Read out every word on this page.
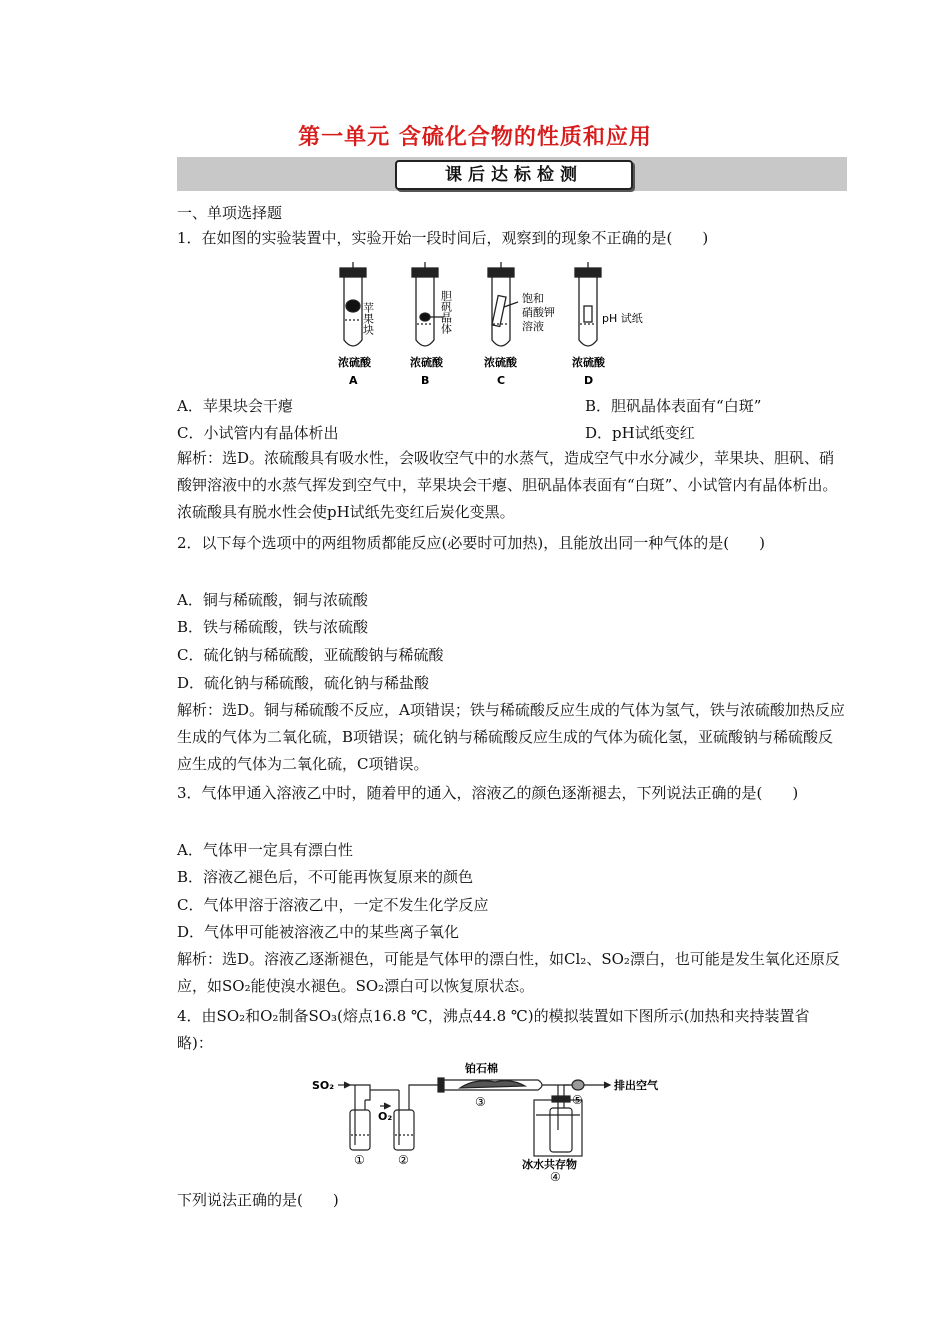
第一单元 含硫化合物的性质和应用
课后达标检测
一、单项选择题
1．在如图的实验装置中，实验开始一段时间后，观察到的现象不正确的是(　　)
苹果块	胆矾晶体	饱和
硝酸钾
溶液
pH 试纸
浓硫酸	浓硫酸	浓硫酸	浓硫酸
A	B	C	D
A．苹果块会干瘪	B．胆矾晶体表面有“白斑”
C．小试管内有晶体析出	D．pH试纸变红
解析：选D。浓硫酸具有吸水性，会吸收空气中的水蒸气，造成空气中水分减少，苹果块、胆矾、硝酸钾溶液中的水蒸气挥发到空气中，苹果块会干瘪、胆矾晶体表面有“白斑”、小试管内有晶体析出。浓硫酸具有脱水性会使pH试纸先变红后炭化变黑。
2．以下每个选项中的两组物质都能反应(必要时可加热)，且能放出同一种气体的是(　　)
A．铜与稀硫酸，铜与浓硫酸
B．铁与稀硫酸，铁与浓硫酸
C．硫化钠与稀硫酸，亚硫酸钠与稀硫酸
D．硫化钠与稀硫酸，硫化钠与稀盐酸
解析：选D。铜与稀硫酸不反应，A项错误；铁与稀硫酸反应生成的气体为氢气，铁与浓硫酸加热反应生成的气体为二氧化硫，B项错误；硫化钠与稀硫酸反应生成的气体为硫化氢，亚硫酸钠与稀硫酸反应生成的气体为二氧化硫，C项错误。
3．气体甲通入溶液乙中时，随着甲的通入，溶液乙的颜色逐渐褪去，下列说法正确的是(　　)
A．气体甲一定具有漂白性
B．溶液乙褪色后，不可能再恢复原来的颜色
C．气体甲溶于溶液乙中，一定不发生化学反应
D．气体甲可能被溶液乙中的某些离子氧化
解析：选D。溶液乙逐渐褪色，可能是气体甲的漂白性，如Cl₂、SO₂漂白，也可能是发生氧化还原反应，如SO₂能使溴水褪色。SO₂漂白可以恢复原状态。
4．由SO₂和O₂制备SO₃(熔点16.8 ℃，沸点44.8 ℃)的模拟装置如下图所示(加热和夹持装置省略)：
SO₂
O₂
铂石棉
排出空气
冰水共存物
①	②
③
④
⑤
下列说法正确的是(　　)
